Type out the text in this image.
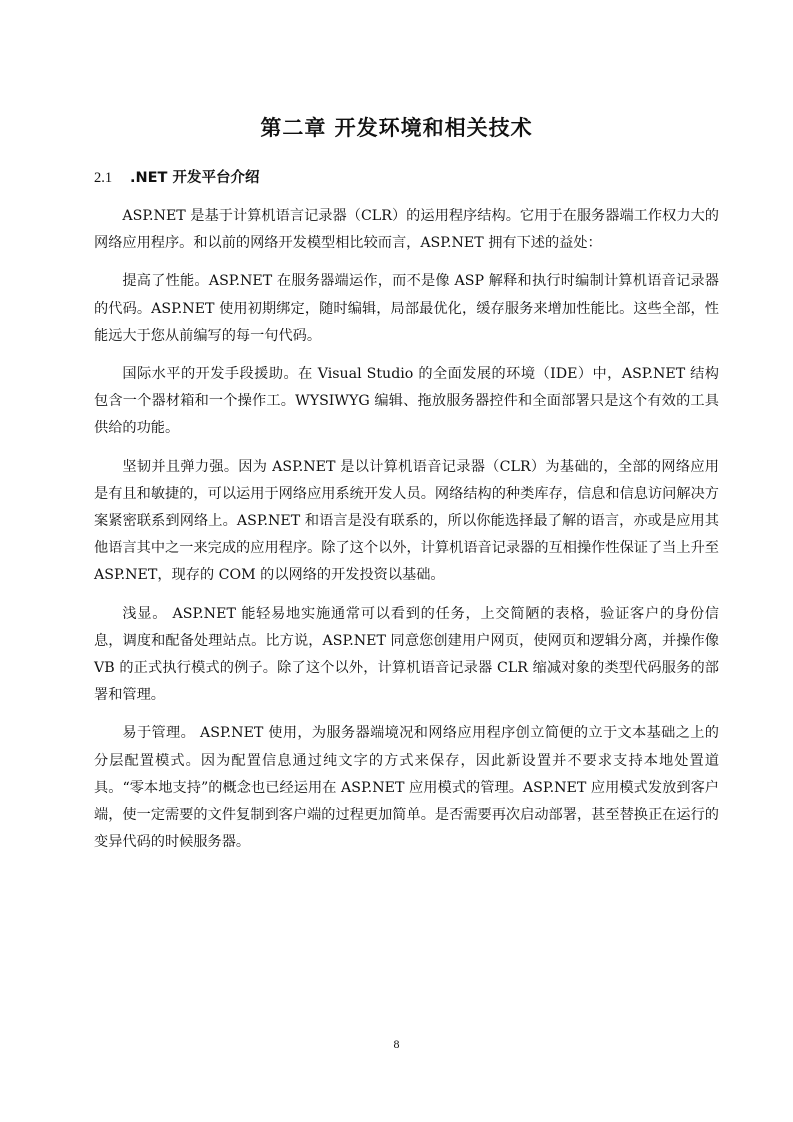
第二章 开发环境和相关技术
2.1 .NET 开发平台介绍

ASP.NET 是基于计算机语言记录器（CLR）的运用程序结构。它用于在服务器端工作权力大的网络应用程序。和以前的网络开发模型相比较而言，ASP.NET 拥有下述的益处：

提高了性能。ASP.NET 在服务器端运作，而不是像 ASP 解释和执行时编制计算机语音记录器的代码。ASP.NET 使用初期绑定，随时编辑，局部最优化，缓存服务来增加性能比。这些全部，性能远大于您从前编写的每一句代码。

国际水平的开发手段援助。在 Visual Studio 的全面发展的环境（IDE）中，ASP.NET 结构包含一个器材箱和一个操作工。WYSIWYG 编辑、拖放服务器控件和全面部署只是这个有效的工具供给的功能。

坚韧并且弹力强。因为 ASP.NET 是以计算机语音记录器（CLR）为基础的，全部的网络应用是有且和敏捷的，可以运用于网络应用系统开发人员。网络结构的种类库存，信息和信息访问解决方案紧密联系到网络上。ASP.NET 和语言是没有联系的，所以你能选择最了解的语言，亦或是应用其他语言其中之一来完成的应用程序。除了这个以外，计算机语音记录器的互相操作性保证了当上升至 ASP.NET，现存的 COM 的以网络的开发投资以基础。

浅显。 ASP.NET 能轻易地实施通常可以看到的任务，上交简陋的表格，验证客户的身份信息，调度和配备处理站点。比方说，ASP.NET 同意您创建用户网页，使网页和逻辑分离，并操作像 VB 的正式执行模式的例子。除了这个以外，计算机语音记录器 CLR 缩减对象的类型代码服务的部署和管理。

易于管理。 ASP.NET 使用，为服务器端境况和网络应用程序创立简便的立于文本基础之上的分层配置模式。因为配置信息通过纯文字的方式来保存，因此新设置并不要求支持本地处置道具。“零本地支持”的概念也已经运用在 ASP.NET 应用模式的管理。ASP.NET 应用模式发放到客户端，使一定需要的文件复制到客户端的过程更加简单。是否需要再次启动部署，甚至替换正在运行的变异代码的时候服务器。

8
